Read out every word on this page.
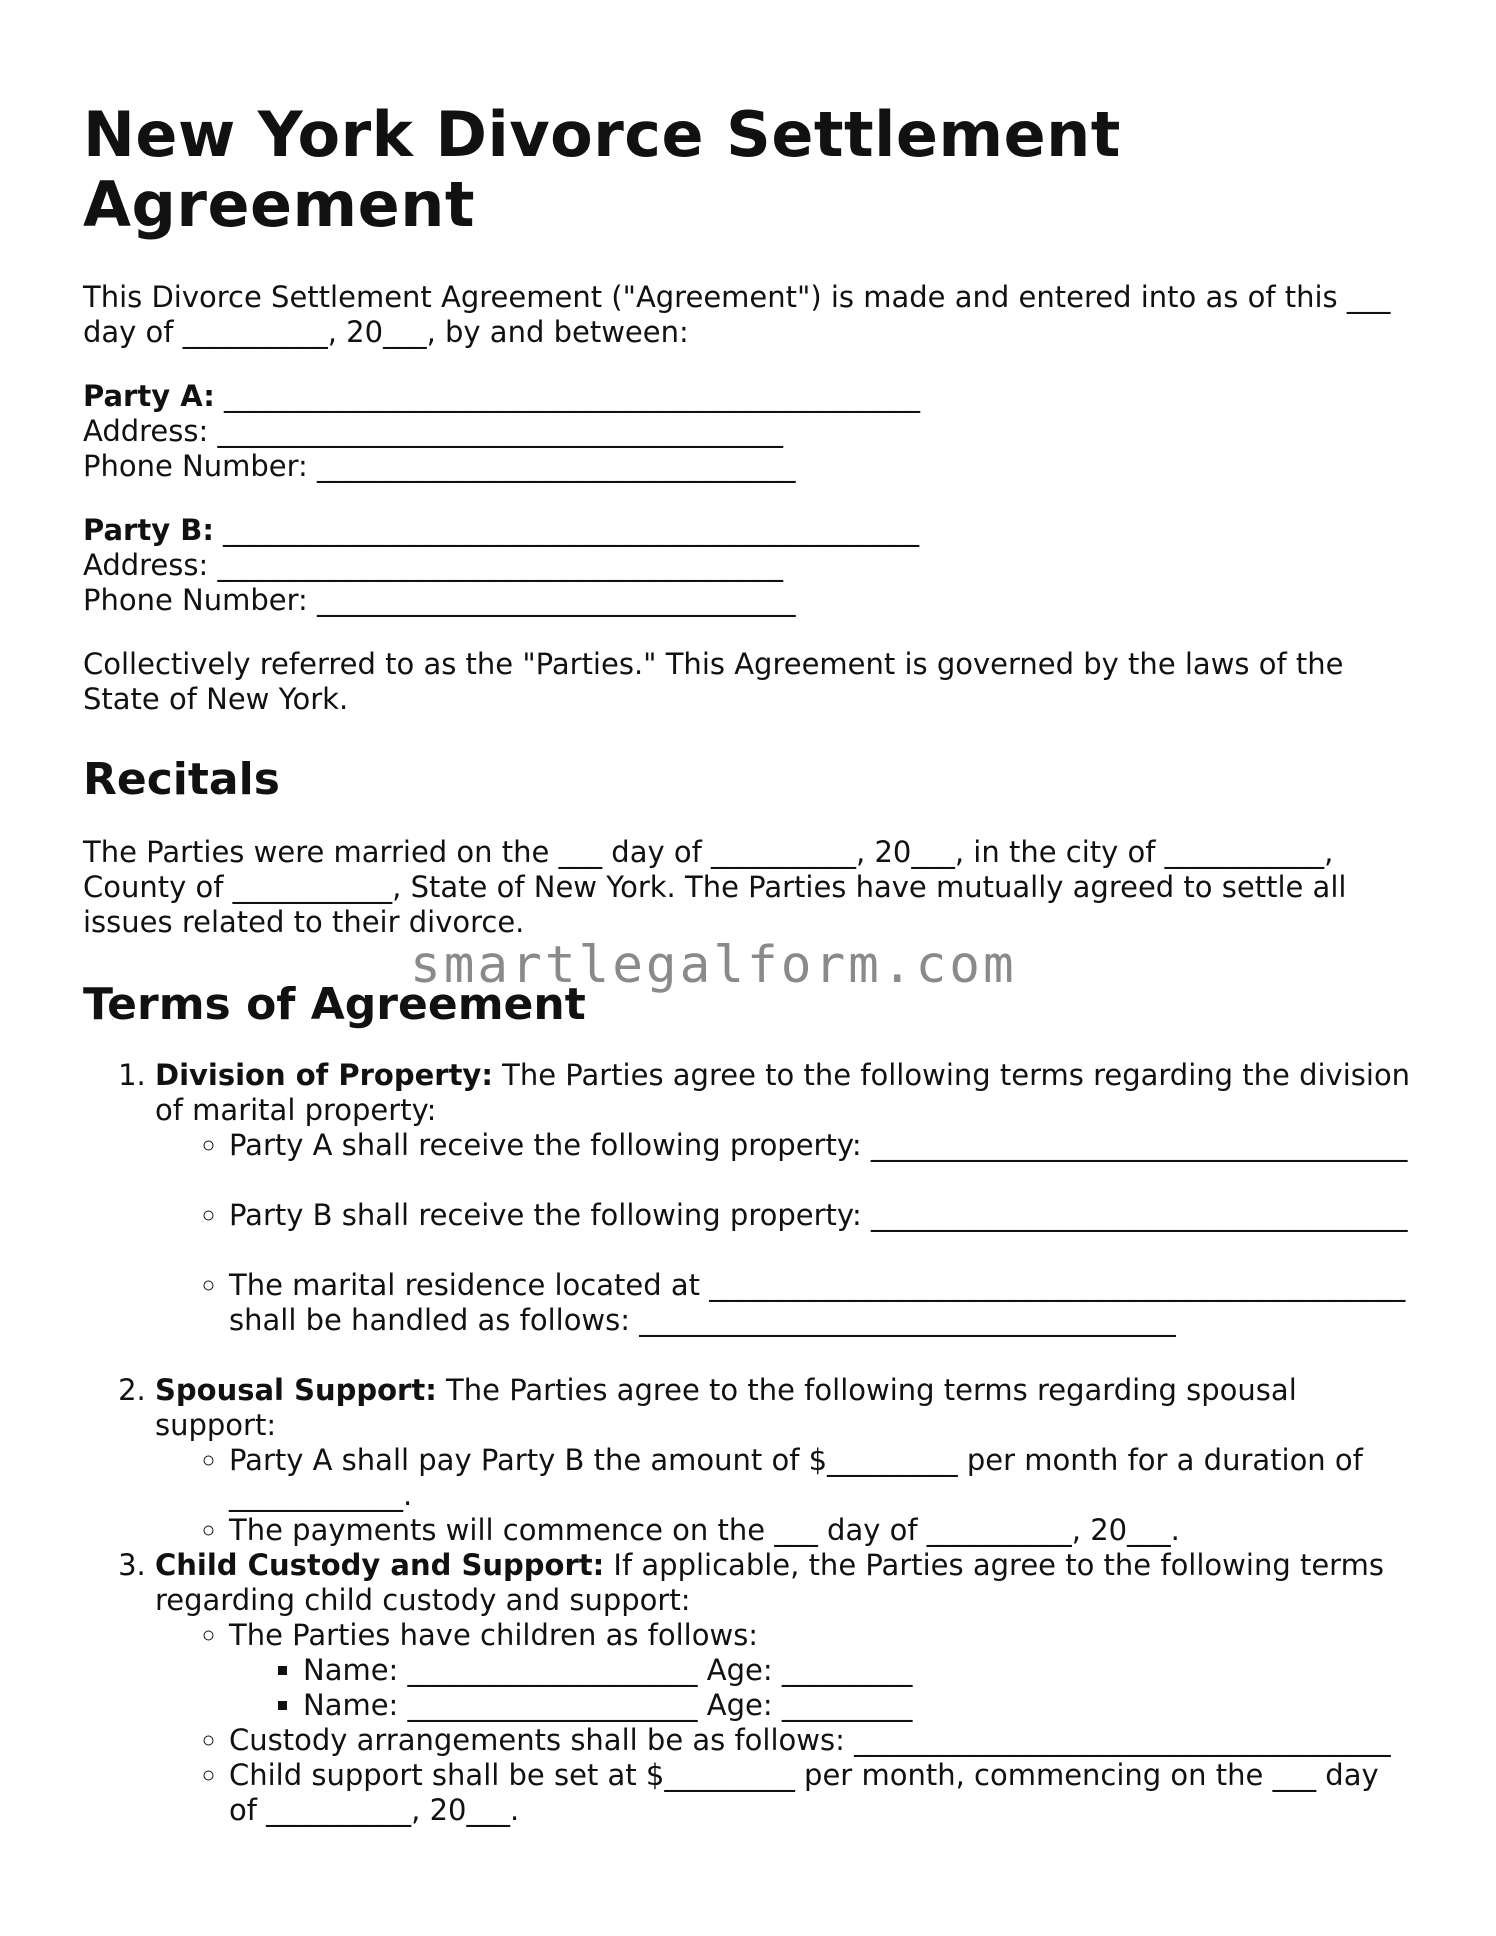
smartlegalform.com
New York Divorce Settlement Agreement

This Divorce Settlement Agreement ("Agreement") is made and entered into as of this ___ day of __________, 20___, by and between:

Party A: ________________________________________________

Address: _______________________________________

Phone Number: _________________________________

Party B: ________________________________________________

Address: _______________________________________

Phone Number: _________________________________

Collectively referred to as the "Parties." This Agreement is governed by the laws of the State of New York.

Recitals

The Parties were married on the ___ day of __________, 20___, in the city of ___________, County of ___________, State of New York. The Parties have mutually agreed to settle all issues related to their divorce.

Terms of Agreement
1. Division of Property: The Parties agree to the following terms regarding the division of marital property:
◦ Party A shall receive the following property: _____________________________________
◦ Party B shall receive the following property: _____________________________________
◦ The marital residence located at ________________________________________________ shall be handled as follows: _____________________________________
2. Spousal Support: The Parties agree to the following terms regarding spousal support:
◦ Party A shall pay Party B the amount of $_________ per month for a duration of ____________.
◦ The payments will commence on the ___ day of __________, 20___.
3. Child Custody and Support: If applicable, the Parties agree to the following terms regarding child custody and support:
◦ The Parties have children as follows:
▪ Name: ____________________ Age: _________
▪ Name: ____________________ Age: _________
◦ Custody arrangements shall be as follows: _____________________________________
◦ Child support shall be set at $_________ per month, commencing on the ___ day of __________, 20___.
